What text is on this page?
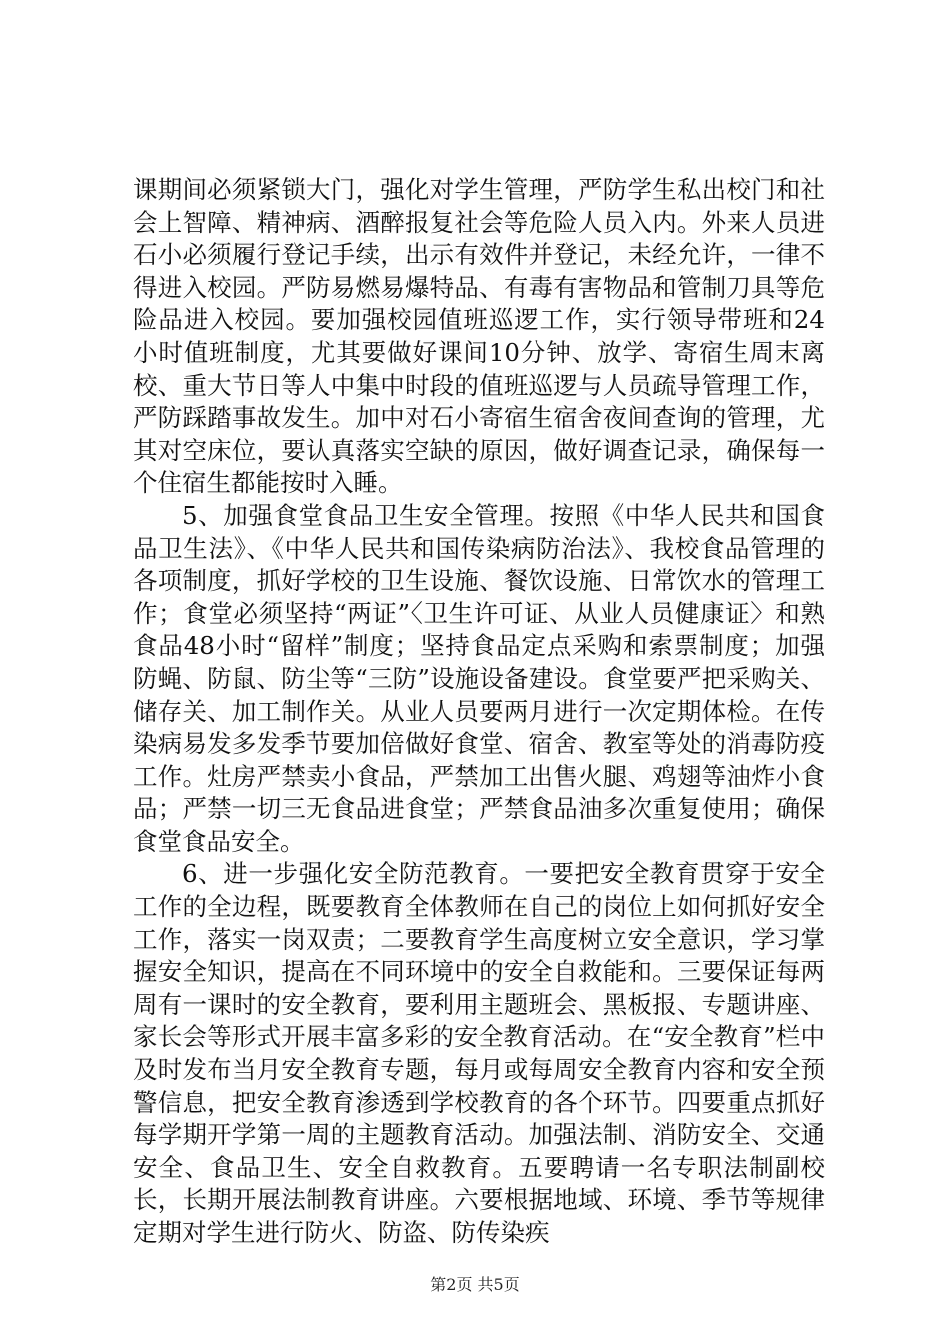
课期间必须紧锁大门，强化对学生管理，严防学生私出校门和社会上智障、精神病、酒醉报复社会等危险人员入内。外来人员进石小必须履行登记手续，出示有效件并登记，未经允许，一律不得进入校园。严防易燃易爆特品、有毒有害物品和管制刀具等危险品进入校园。要加强校园值班巡逻工作，实行领导带班和24小时值班制度，尤其要做好课间10分钟、放学、寄宿生周末离校、重大节日等人中集中时段的值班巡逻与人员疏导管理工作，严防踩踏事故发生。加中对石小寄宿生宿舍夜间查询的管理，尤其对空床位，要认真落实空缺的原因，做好调查记录，确保每一个住宿生都能按时入睡。

5、加强食堂食品卫生安全管理。按照《中华人民共和国食品卫生法》、《中华人民共和国传染病防治法》、我校食品管理的各项制度，抓好学校的卫生设施、餐饮设施、日常饮水的管理工作；食堂必须坚持“两证”〈卫生许可证、从业人员健康证〉和熟食品48小时“留样”制度；坚持食品定点采购和索票制度；加强防蝇、防鼠、防尘等“三防”设施设备建设。食堂要严把采购关、储存关、加工制作关。从业人员要两月进行一次定期体检。在传染病易发多发季节要加倍做好食堂、宿舍、教室等处的消毒防疫工作。灶房严禁卖小食品，严禁加工出售火腿、鸡翅等油炸小食品；严禁一切三无食品进食堂；严禁食品油多次重复使用；确保食堂食品安全。

6、进一步强化安全防范教育。一要把安全教育贯穿于安全工作的全边程，既要教育全体教师在自己的岗位上如何抓好安全工作，落实一岗双责；二要教育学生高度树立安全意识，学习掌握安全知识，提高在不同环境中的安全自救能和。三要保证每两周有一课时的安全教育，要利用主题班会、黑板报、专题讲座、家长会等形式开展丰富多彩的安全教育活动。在“安全教育”栏中及时发布当月安全教育专题，每月或每周安全教育内容和安全预警信息，把安全教育渗透到学校教育的各个环节。四要重点抓好每学期开学第一周的主题教育活动。加强法制、消防安全、交通安全、食品卫生、安全自救教育。五要聘请一名专职法制副校长，长期开展法制教育讲座。六要根据地域、环境、季节等规律定期对学生进行防火、防盗、防传染疾

第2页 共5页
